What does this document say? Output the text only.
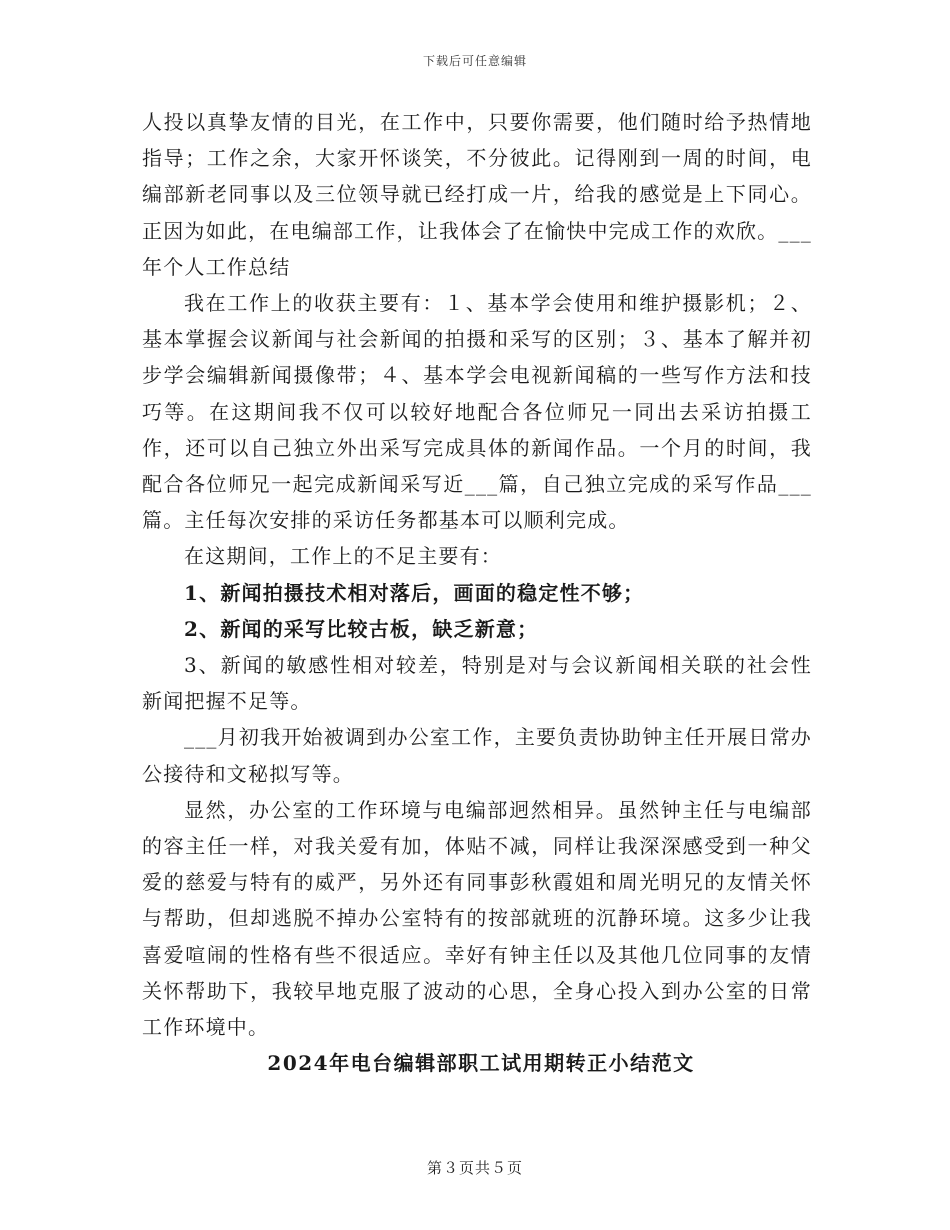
下载后可任意编辑

人投以真挚友情的目光，在工作中，只要你需要，他们随时给予热情地指导；工作之余，大家开怀谈笑，不分彼此。记得刚到一周的时间，电编部新老同事以及三位领导就已经打成一片，给我的感觉是上下同心。正因为如此，在电编部工作，让我体会了在愉快中完成工作的欢欣。___年个人工作总结

我在工作上的收获主要有：１、基本学会使用和维护摄影机；２、基本掌握会议新闻与社会新闻的拍摄和采写的区别；３、基本了解并初步学会编辑新闻摄像带；４、基本学会电视新闻稿的一些写作方法和技巧等。在这期间我不仅可以较好地配合各位师兄一同出去采访拍摄工作，还可以自己独立外出采写完成具体的新闻作品。一个月的时间，我配合各位师兄一起完成新闻采写近___篇，自己独立完成的采写作品___篇。主任每次安排的采访任务都基本可以顺利完成。

在这期间，工作上的不足主要有：

1、新闻拍摄技术相对落后，画面的稳定性不够；

2、新闻的采写比较古板，缺乏新意；

3、新闻的敏感性相对较差，特别是对与会议新闻相关联的社会性新闻把握不足等。

___月初我开始被调到办公室工作，主要负责协助钟主任开展日常办公接待和文秘拟写等。

显然，办公室的工作环境与电编部迥然相异。虽然钟主任与电编部的容主任一样，对我关爱有加，体贴不减，同样让我深深感受到一种父爱的慈爱与特有的威严，另外还有同事彭秋霞姐和周光明兄的友情关怀与帮助，但却逃脱不掉办公室特有的按部就班的沉静环境。这多少让我喜爱喧闹的性格有些不很适应。幸好有钟主任以及其他几位同事的友情关怀帮助下，我较早地克服了波动的心思，全身心投入到办公室的日常工作环境中。

2024年电台编辑部职工试用期转正小结范文

第３页共５页
